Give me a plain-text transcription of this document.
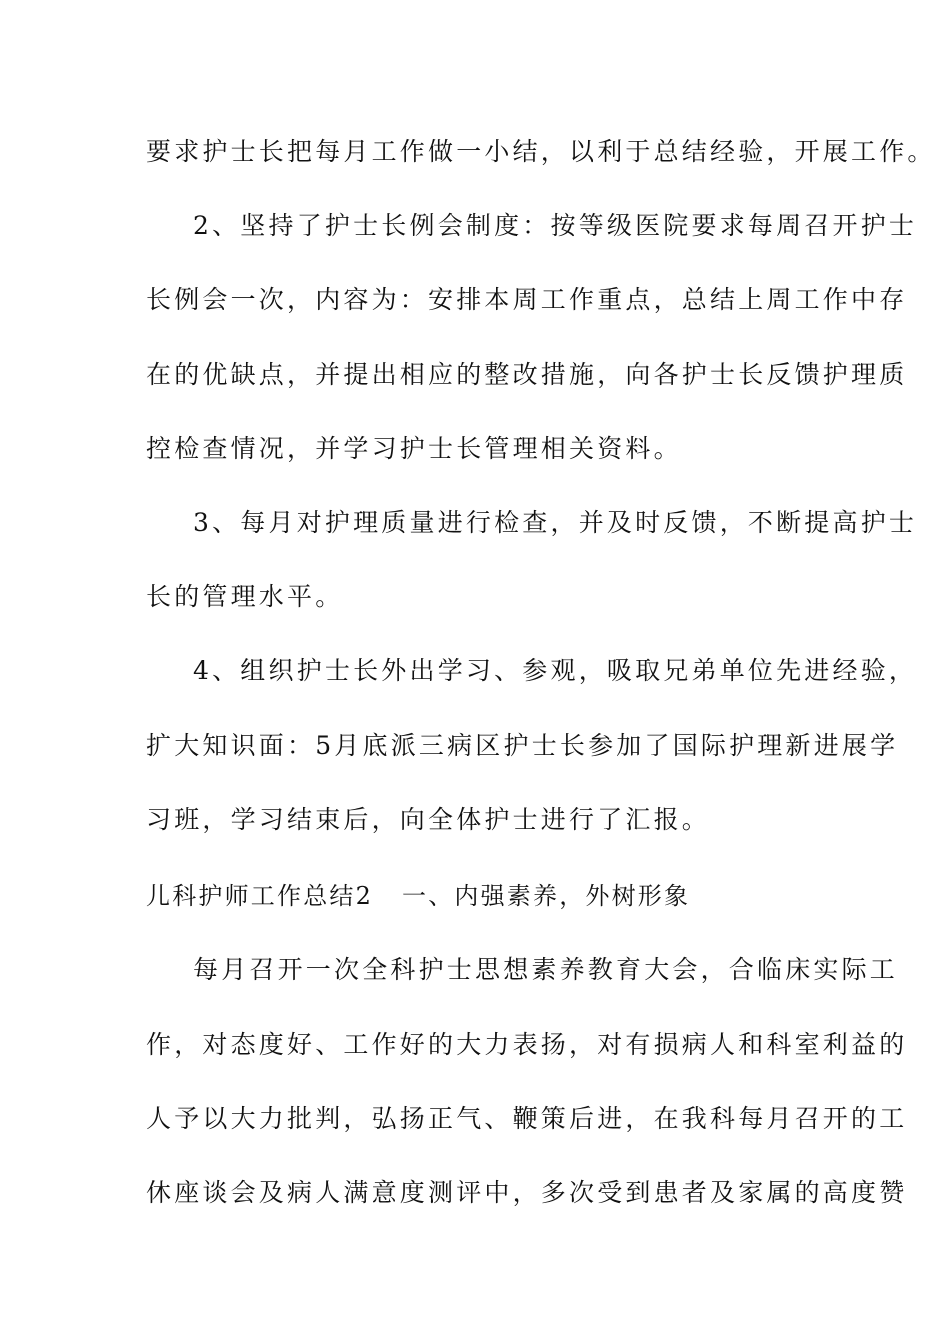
要求护士长把每月工作做一小结，以利于总结经验，开展工作。
2、坚持了护士长例会制度：按等级医院要求每周召开护士
长例会一次，内容为：安排本周工作重点，总结上周工作中存
在的优缺点，并提出相应的整改措施，向各护士长反馈护理质
控检查情况，并学习护士长管理相关资料。
3、每月对护理质量进行检查，并及时反馈，不断提高护士
长的管理水平。
4、组织护士长外出学习、参观，吸取兄弟单位先进经验，
扩大知识面：5月底派三病区护士长参加了国际护理新进展学
习班，学习结束后，向全体护士进行了汇报。
儿科护师工作总结2 一、内强素养，外树形象
每月召开一次全科护士思想素养教育大会，合临床实际工
作，对态度好、工作好的大力表扬，对有损病人和科室利益的
人予以大力批判，弘扬正气、鞭策后进，在我科每月召开的工
休座谈会及病人满意度测评中，多次受到患者及家属的高度赞
